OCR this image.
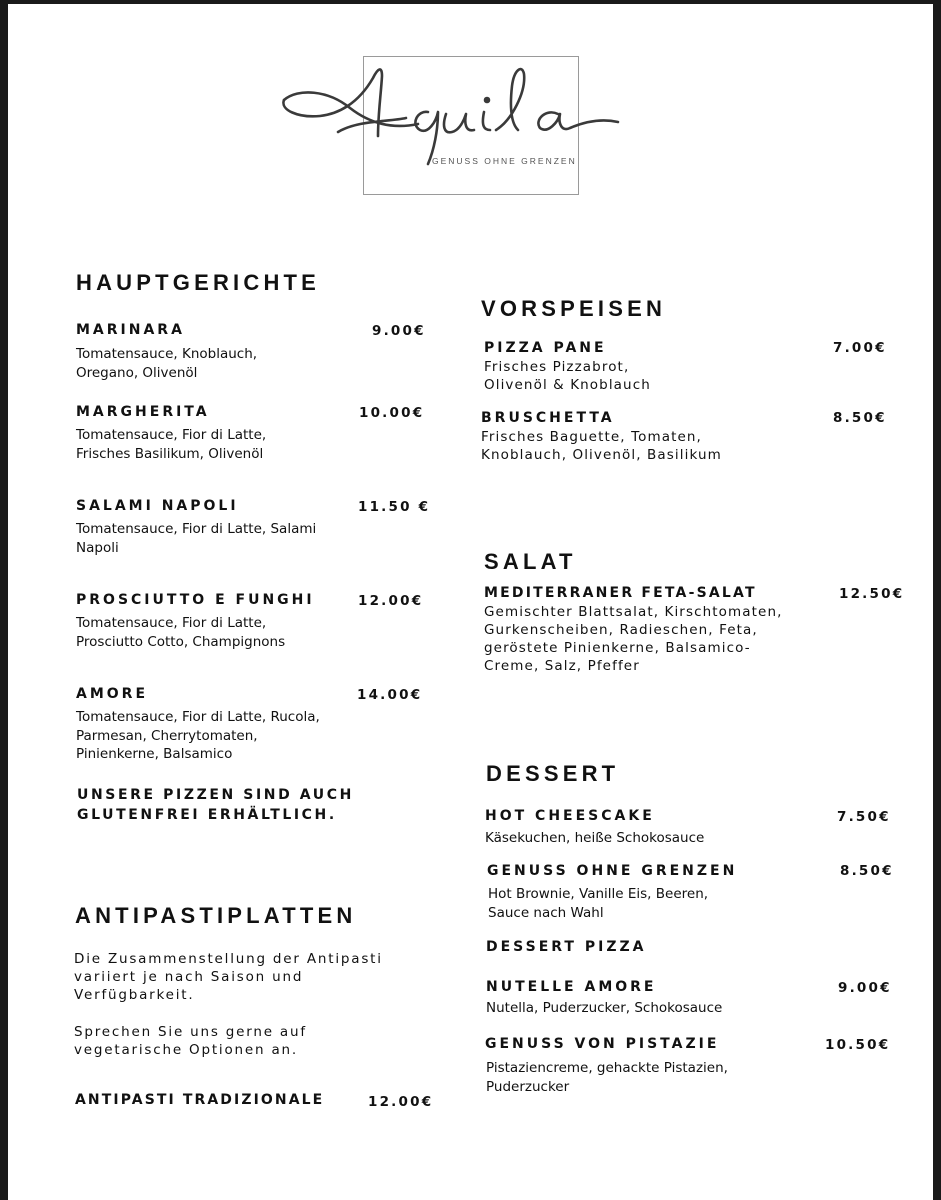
GENUSS OHNE GRENZEN
HAUPTGERICHTE
MARINARA	9.00€
Tomatensauce, Knoblauch,
Oregano, Olivenöl
MARGHERITA	10.00€
Tomatensauce, Fior di Latte,
Frisches Basilikum, Olivenöl
SALAMI NAPOLI	11.50 €
Tomatensauce, Fior di Latte, Salami
Napoli
PROSCIUTTO E FUNGHI	12.00€
Tomatensauce, Fior di Latte,
Prosciutto Cotto, Champignons
AMORE	14.00€
Tomatensauce, Fior di Latte, Rucola,
Parmesan, Cherrytomaten,
Pinienkerne, Balsamico
UNSERE PIZZEN SIND AUCH
GLUTENFREI ERHÄLTLICH.
ANTIPASTIPLATTEN
Die Zusammenstellung der Antipasti
variiert je nach Saison und
Verfügbarkeit.
Sprechen Sie uns gerne auf
vegetarische Optionen an.
ANTIPASTI TRADIZIONALE	12.00€
VORSPEISEN
PIZZA PANE	7.00€
Frisches Pizzabrot,
Olivenöl & Knoblauch
BRUSCHETTA	8.50€
Frisches Baguette, Tomaten,
Knoblauch, Olivenöl, Basilikum
SALAT
MEDITERRANER FETA-SALAT	12.50€
Gemischter Blattsalat, Kirschtomaten,
Gurkenscheiben, Radieschen, Feta,
geröstete Pinienkerne, Balsamico-
Creme, Salz, Pfeffer
DESSERT
HOT CHEESCAKE	7.50€
Käsekuchen, heiße Schokosauce
GENUSS OHNE GRENZEN	8.50€
Hot Brownie, Vanille Eis, Beeren,
Sauce nach Wahl
DESSERT PIZZA
NUTELLE AMORE	9.00€
Nutella, Puderzucker, Schokosauce
GENUSS VON PISTAZIE	10.50€
Pistaziencreme, gehackte Pistazien,
Puderzucker
